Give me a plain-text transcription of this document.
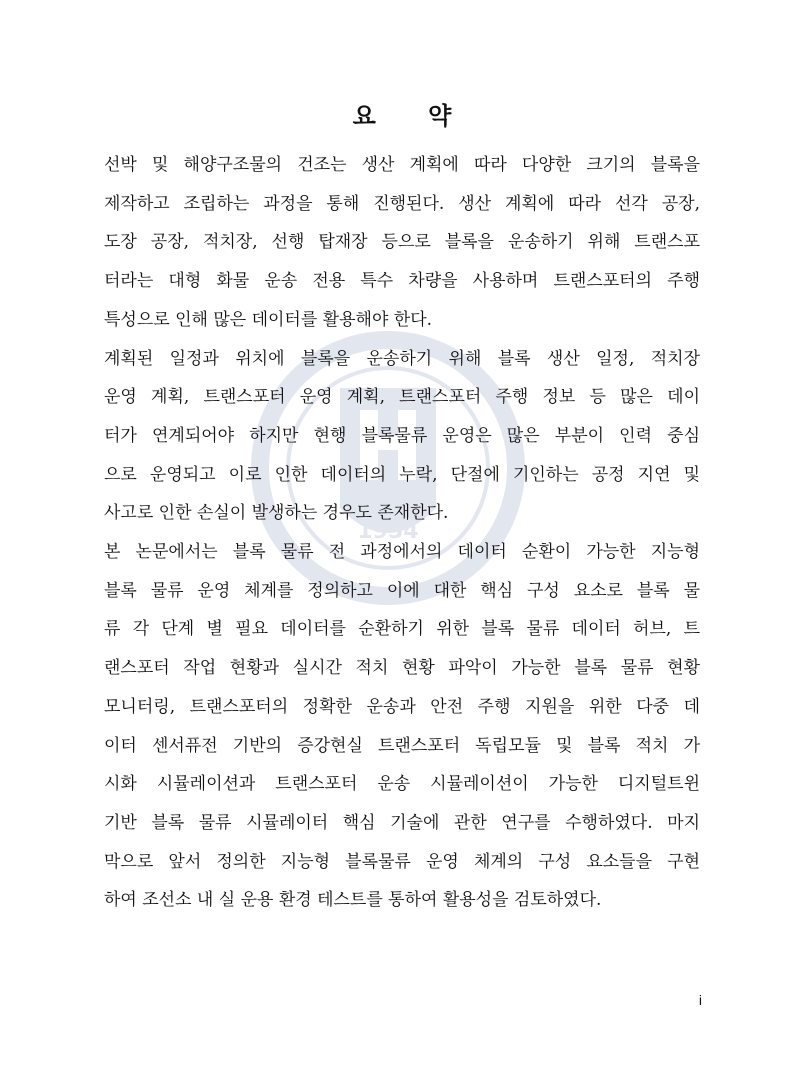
1954
요 약

선박 및 해양구조물의 건조는 생산 계획에 따라 다양한 크기의 블록을
제작하고 조립하는 과정을 통해 진행된다. 생산 계획에 따라 선각 공장,
도장 공장, 적치장, 선행 탑재장 등으로 블록을 운송하기 위해 트랜스포
터라는 대형 화물 운송 전용 특수 차량을 사용하며 트랜스포터의 주행
특성으로 인해 많은 데이터를 활용해야 한다.

계획된 일정과 위치에 블록을 운송하기 위해 블록 생산 일정, 적치장
운영 계획, 트랜스포터 운영 계획, 트랜스포터 주행 정보 등 많은 데이
터가 연계되어야 하지만 현행 블록물류 운영은 많은 부분이 인력 중심
으로 운영되고 이로 인한 데이터의 누락, 단절에 기인하는 공정 지연 및
사고로 인한 손실이 발생하는 경우도 존재한다.

본 논문에서는 블록 물류 전 과정에서의 데이터 순환이 가능한 지능형
블록 물류 운영 체계를 정의하고 이에 대한 핵심 구성 요소로 블록 물
류 각 단계 별 필요 데이터를 순환하기 위한 블록 물류 데이터 허브, 트
랜스포터 작업 현황과 실시간 적치 현황 파악이 가능한 블록 물류 현황
모니터링, 트랜스포터의 정확한 운송과 안전 주행 지원을 위한 다중 데
이터 센서퓨전 기반의 증강현실 트랜스포터 독립모듈 및 블록 적치 가
시화 시뮬레이션과 트랜스포터 운송 시뮬레이션이 가능한 디지털트윈
기반 블록 물류 시뮬레이터 핵심 기술에 관한 연구를 수행하였다. 마지
막으로 앞서 정의한 지능형 블록물류 운영 체계의 구성 요소들을 구현
하여 조선소 내 실 운용 환경 테스트를 통하여 활용성을 검토하였다.

i
